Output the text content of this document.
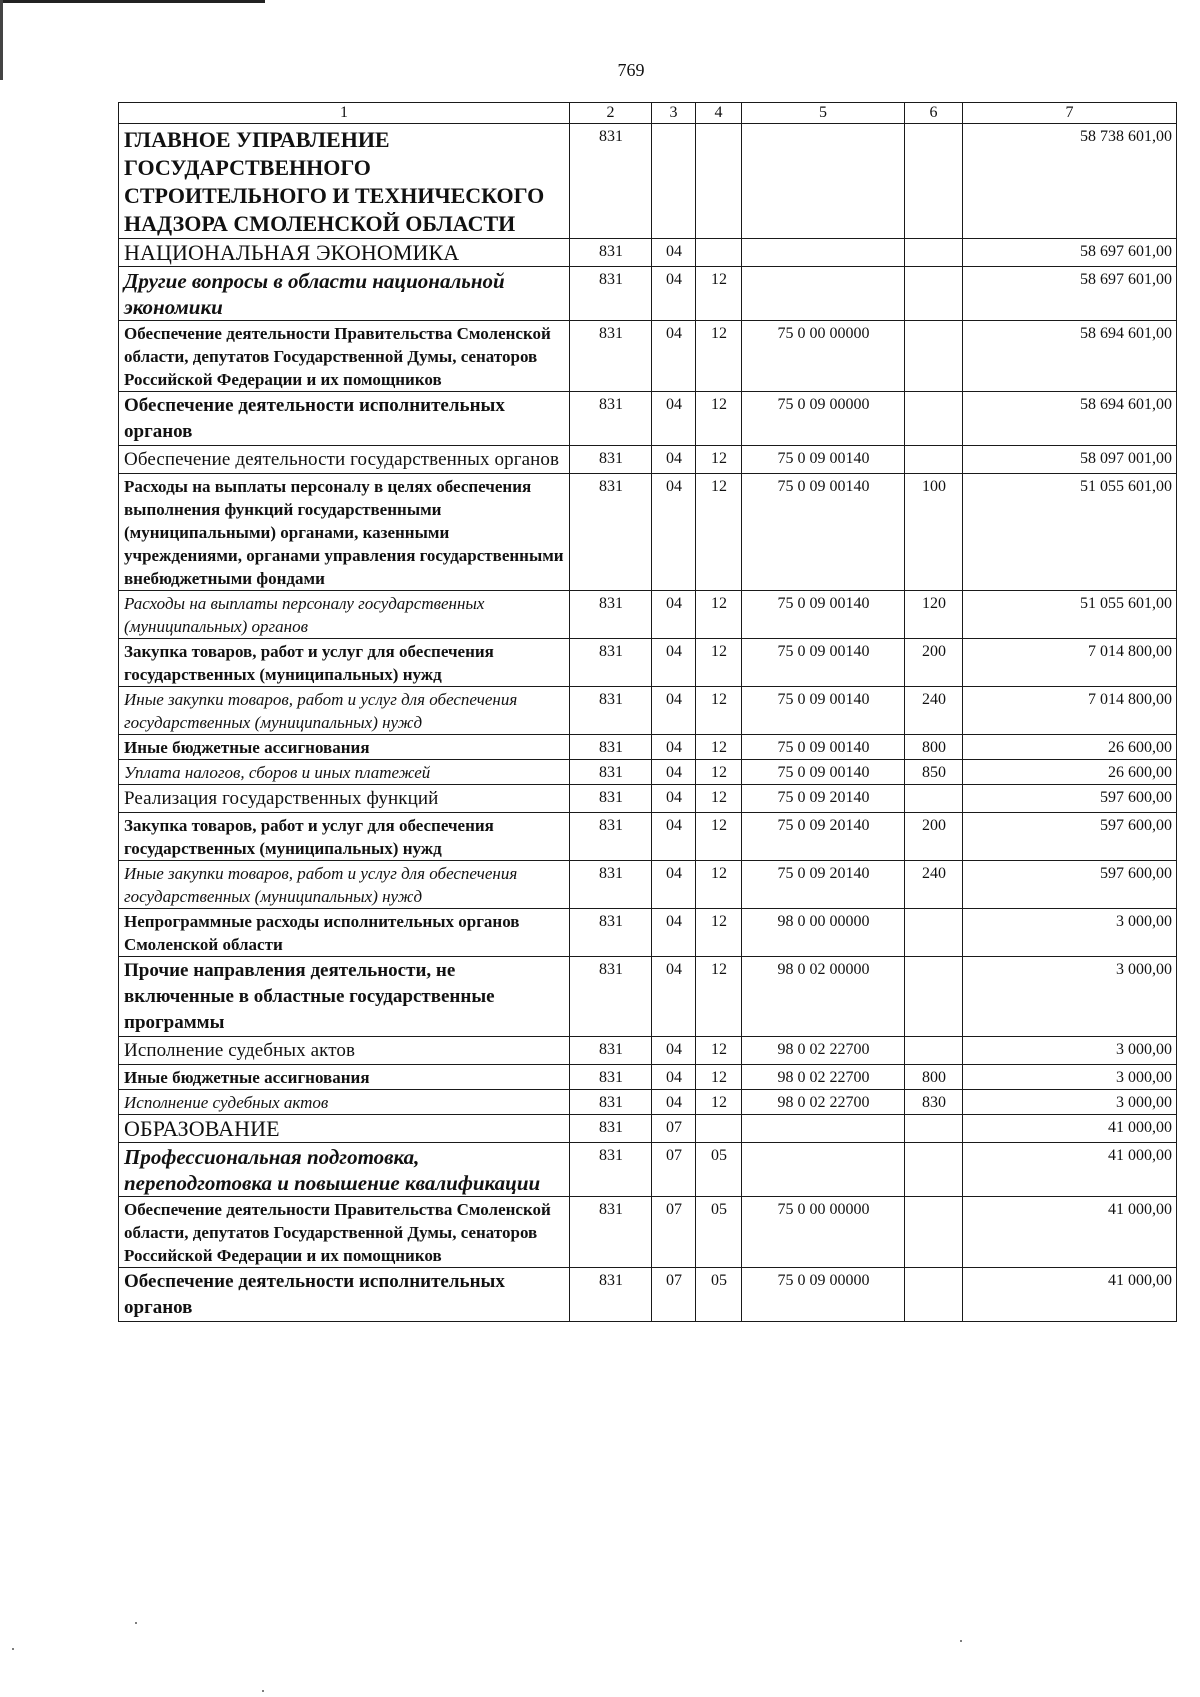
769
1	2	3	4	5	6	7
ГЛАВНОЕ УПРАВЛЕНИЕ ГОСУДАРСТВЕННОГО СТРОИТЕЛЬНОГО И ТЕХНИЧЕСКОГО НАДЗОРА СМОЛЕНСКОЙ ОБЛАСТИ	831					58 738 601,00
НАЦИОНАЛЬНАЯ ЭКОНОМИКА	831	04				58 697 601,00
Другие вопросы в области национальной экономики	831	04	12			58 697 601,00
Обеспечение деятельности Правительства Смоленской области, депутатов Государственной Думы, сенаторов Российской Федерации и их помощников	831	04	12	75 0 00 00000		58 694 601,00
Обеспечение деятельности исполнительных органов	831	04	12	75 0 09 00000		58 694 601,00
Обеспечение деятельности государственных органов	831	04	12	75 0 09 00140		58 097 001,00
Расходы на выплаты персоналу в целях обеспечения выполнения функций государственными (муниципальными) органами, казенными учреждениями, органами управления государственными внебюджетными фондами	831	04	12	75 0 09 00140	100	51 055 601,00
Расходы на выплаты персоналу государственных (муниципальных) органов	831	04	12	75 0 09 00140	120	51 055 601,00
Закупка товаров, работ и услуг для обеспечения государственных (муниципальных) нужд	831	04	12	75 0 09 00140	200	7 014 800,00
Иные закупки товаров, работ и услуг для обеспечения государственных (муниципальных) нужд	831	04	12	75 0 09 00140	240	7 014 800,00
Иные бюджетные ассигнования	831	04	12	75 0 09 00140	800	26 600,00
Уплата налогов, сборов и иных платежей	831	04	12	75 0 09 00140	850	26 600,00
Реализация государственных функций	831	04	12	75 0 09 20140		597 600,00
Закупка товаров, работ и услуг для обеспечения государственных (муниципальных) нужд	831	04	12	75 0 09 20140	200	597 600,00
Иные закупки товаров, работ и услуг для обеспечения государственных (муниципальных) нужд	831	04	12	75 0 09 20140	240	597 600,00
Непрограммные расходы исполнительных органов Смоленской области	831	04	12	98 0 00 00000		3 000,00
Прочие направления деятельности, не включенные в областные государственные программы	831	04	12	98 0 02 00000		3 000,00
Исполнение судебных актов	831	04	12	98 0 02 22700		3 000,00
Иные бюджетные ассигнования	831	04	12	98 0 02 22700	800	3 000,00
Исполнение судебных актов	831	04	12	98 0 02 22700	830	3 000,00
ОБРАЗОВАНИЕ	831	07				41 000,00
Профессиональная подготовка, переподготовка и повышение квалификации	831	07	05			41 000,00
Обеспечение деятельности Правительства Смоленской области, депутатов Государственной Думы, сенаторов Российской Федерации и их помощников	831	07	05	75 0 00 00000		41 000,00
Обеспечение деятельности исполнительных органов	831	07	05	75 0 09 00000		41 000,00
